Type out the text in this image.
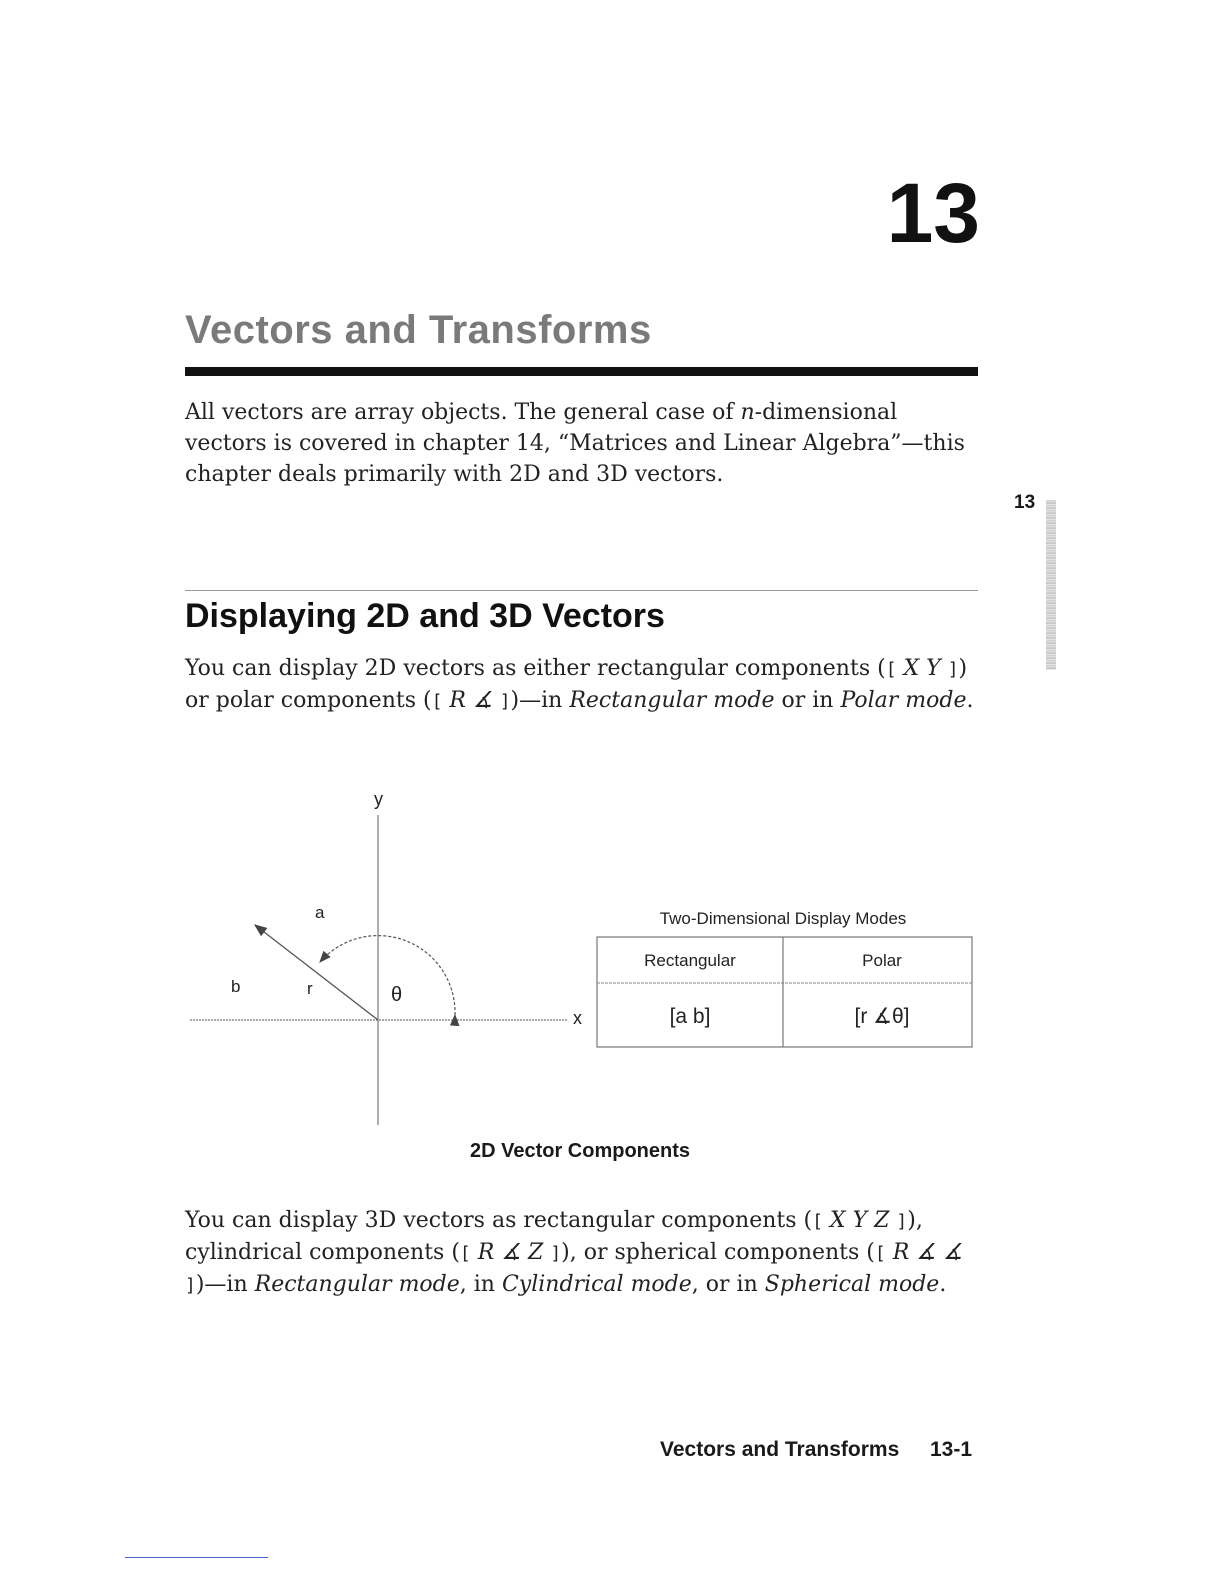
13
Vectors and Transforms
All vectors are array objects. The general case of n-dimensional vectors is covered in chapter 14, “Matrices and Linear Algebra”—this chapter deals primarily with 2D and 3D vectors.
13
Displaying 2D and 3D Vectors
You can display 2D vectors as either rectangular components ([ X Y ]) or polar components ([ R ∡ ])—in Rectangular mode or in Polar mode.
y
x
a
b	r	θ
Two-Dimensional Display Modes
Rectangular	Polar
[a b]	[r ∡θ]
2D Vector Components
You can display 3D vectors as rectangular components ([ X Y Z ]), cylindrical components ([ R ∡ Z ]), or spherical components ([ R ∡ ∡ ])—in Rectangular mode, in Cylindrical mode, or in Spherical mode.
Vectors and Transforms 13-1
